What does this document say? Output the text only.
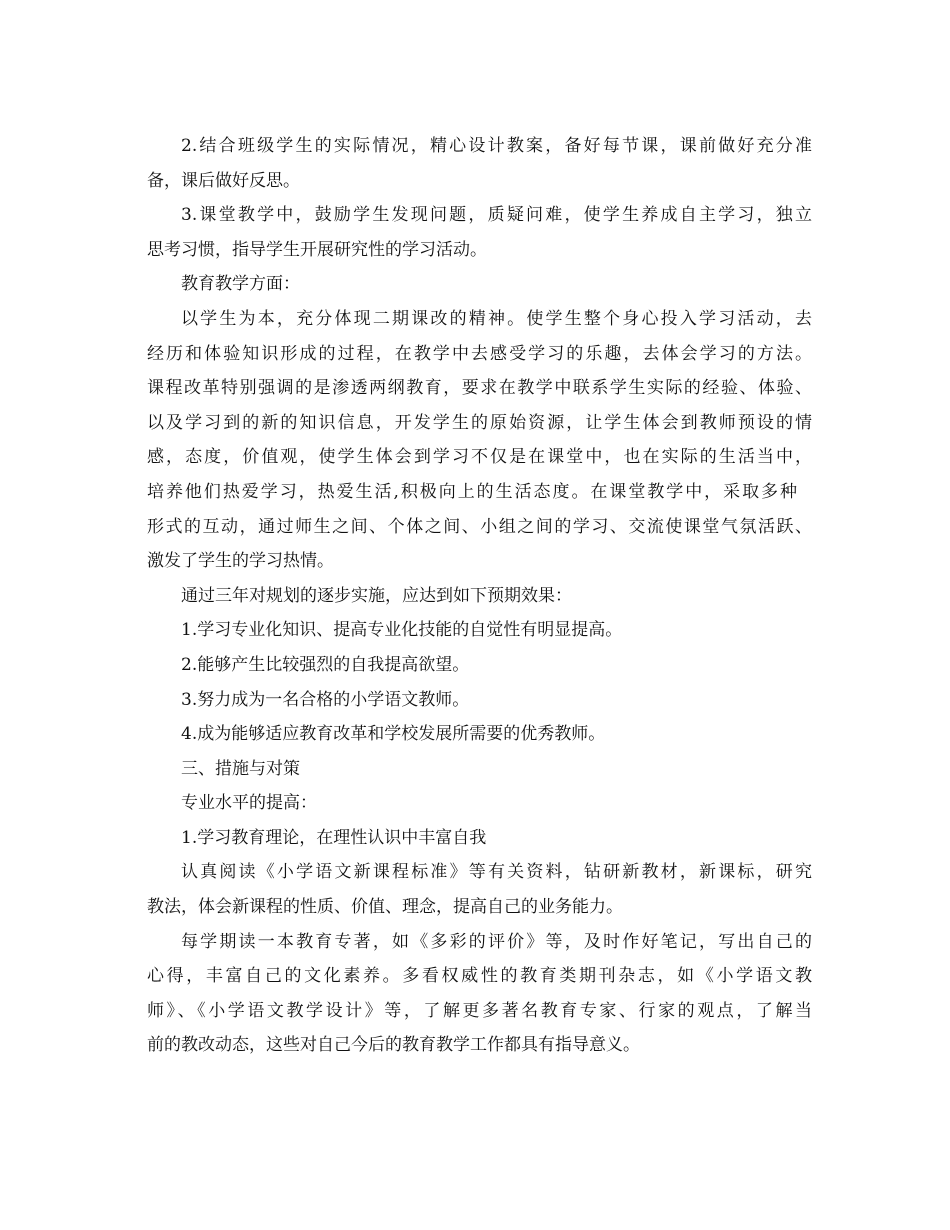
2.结合班级学生的实际情况，精心设计教案，备好每节课，课前做好充分准

备，课后做好反思。

3.课堂教学中，鼓励学生发现问题，质疑问难，使学生养成自主学习，独立

思考习惯，指导学生开展研究性的学习活动。

教育教学方面：

以学生为本，充分体现二期课改的精神。使学生整个身心投入学习活动，去

经历和体验知识形成的过程，在教学中去感受学习的乐趣，去体会学习的方法。

课程改革特别强调的是渗透两纲教育，要求在教学中联系学生实际的经验、体验、

以及学习到的新的知识信息，开发学生的原始资源，让学生体会到教师预设的情

感，态度，价值观，使学生体会到学习不仅是在课堂中，也在实际的生活当中，

培养他们热爱学习，热爱生活,积极向上的生活态度。在课堂教学中，采取多种

形式的互动，通过师生之间、个体之间、小组之间的学习、交流使课堂气氛活跃、

激发了学生的学习热情。

通过三年对规划的逐步实施，应达到如下预期效果：

1.学习专业化知识、提高专业化技能的自觉性有明显提高。

2.能够产生比较强烈的自我提高欲望。

3.努力成为一名合格的小学语文教师。

4.成为能够适应教育改革和学校发展所需要的优秀教师。

三、措施与对策

专业水平的提高：

1.学习教育理论，在理性认识中丰富自我

认真阅读《小学语文新课程标准》等有关资料，钻研新教材，新课标，研究

教法，体会新课程的性质、价值、理念，提高自己的业务能力。

每学期读一本教育专著，如《多彩的评价》等，及时作好笔记，写出自己的

心得，丰富自己的文化素养。多看权威性的教育类期刊杂志，如《小学语文教

师》、《小学语文教学设计》等，了解更多著名教育专家、行家的观点，了解当

前的教改动态，这些对自己今后的教育教学工作都具有指导意义。
